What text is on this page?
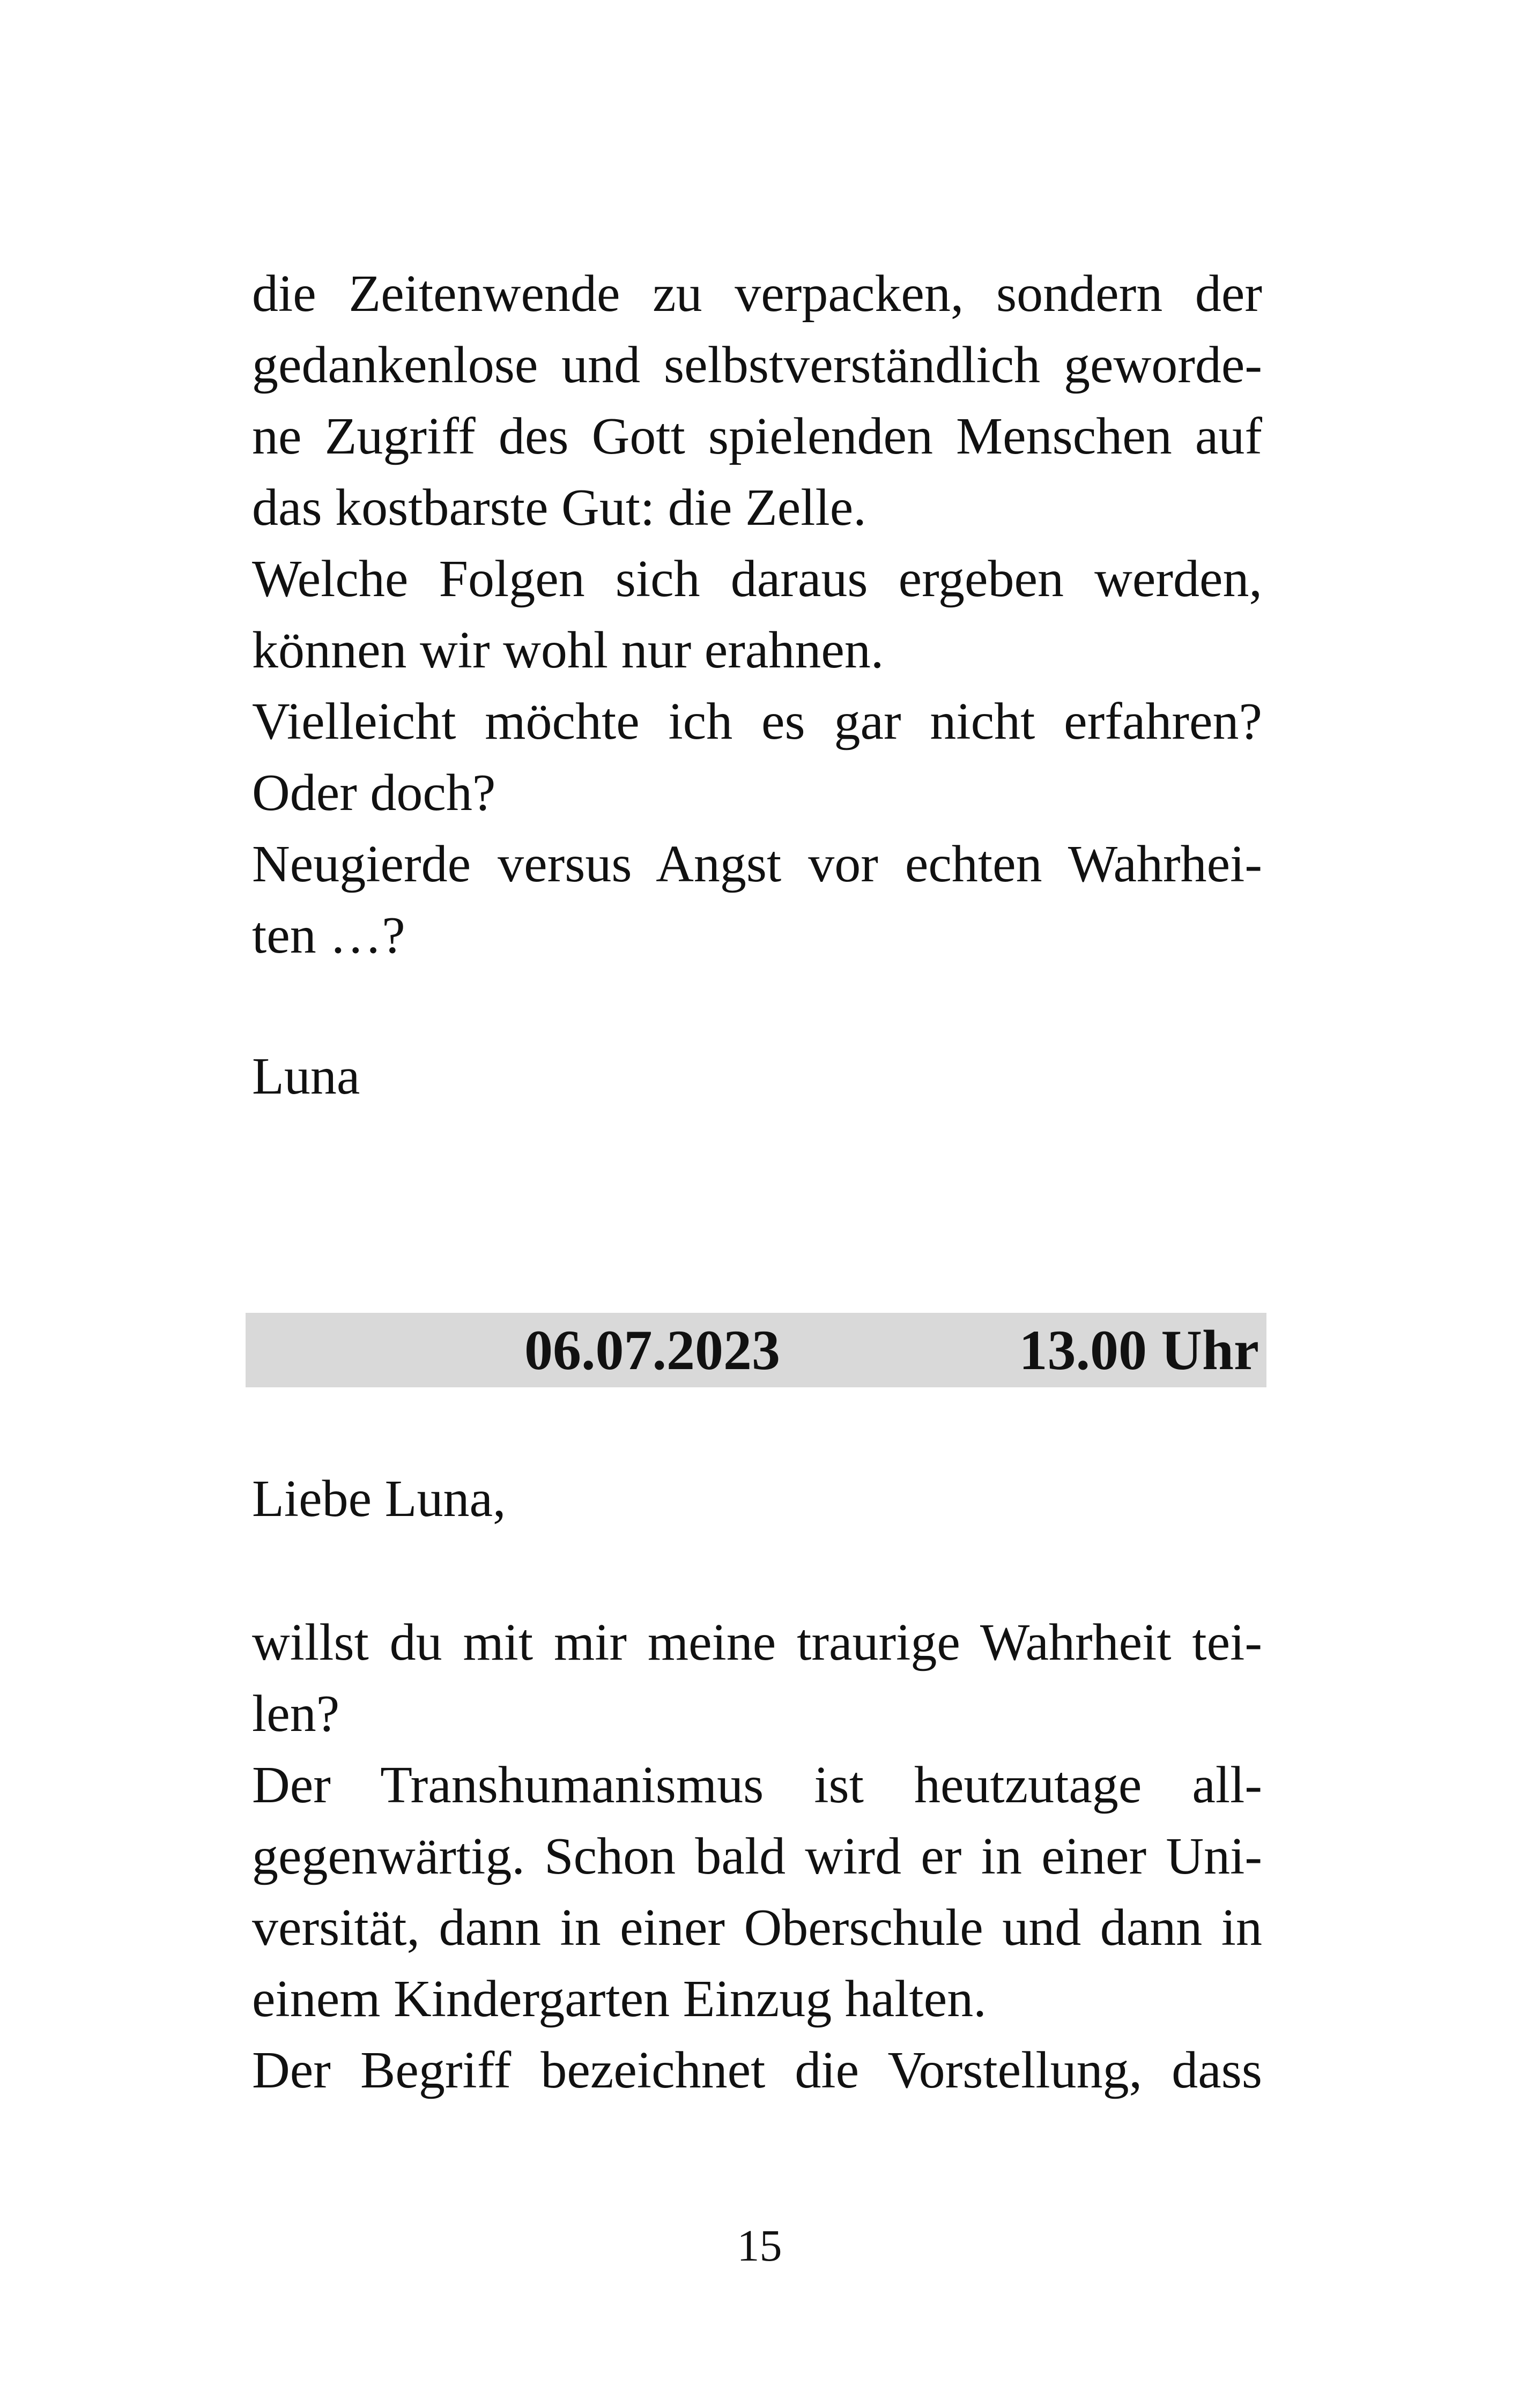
die Zeitenwende zu verpacken, sondern der
gedankenlose und selbstverständlich geworde-
ne Zugriff des Gott spielenden Menschen auf
das kostbarste Gut: die Zelle.
Welche Folgen sich daraus ergeben werden,
können wir wohl nur erahnen.
Vielleicht möchte ich es gar nicht erfahren?
Oder doch?
Neugierde versus Angst vor echten Wahrhei-
ten …?
Luna
06.07.2023	13.00 Uhr
Liebe Luna,
willst du mit mir meine traurige Wahrheit tei-
len?
Der Transhumanismus ist heutzutage all-
gegenwärtig. Schon bald wird er in einer Uni-
versität, dann in einer Oberschule und dann in
einem Kindergarten Einzug halten.
Der Begriff bezeichnet die Vorstellung, dass
15
